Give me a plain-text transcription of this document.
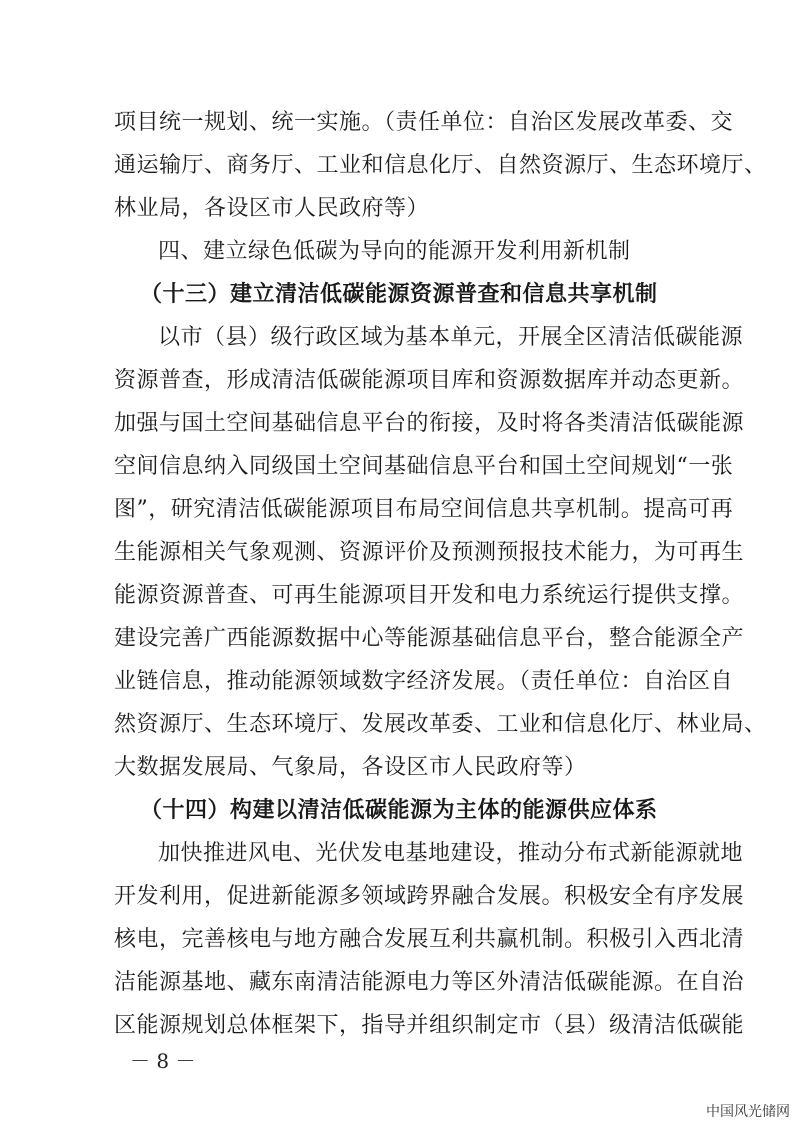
项目统一规划、统一实施。（责任单位：自治区发展改革委、交
通运输厅、商务厅、工业和信息化厅、自然资源厅、生态环境厅、
林业局，各设区市人民政府等）
四、建立绿色低碳为导向的能源开发利用新机制
（十三）建立清洁低碳能源资源普查和信息共享机制
以市（县）级行政区域为基本单元，开展全区清洁低碳能源
资源普查，形成清洁低碳能源项目库和资源数据库并动态更新。
加强与国土空间基础信息平台的衔接，及时将各类清洁低碳能源
空间信息纳入同级国土空间基础信息平台和国土空间规划“一张
图”，研究清洁低碳能源项目布局空间信息共享机制。提高可再
生能源相关气象观测、资源评价及预测预报技术能力，为可再生
能源资源普查、可再生能源项目开发和电力系统运行提供支撑。
建设完善广西能源数据中心等能源基础信息平台，整合能源全产
业链信息，推动能源领域数字经济发展。（责任单位：自治区自
然资源厅、生态环境厅、发展改革委、工业和信息化厅、林业局、
大数据发展局、气象局，各设区市人民政府等）
（十四）构建以清洁低碳能源为主体的能源供应体系
加快推进风电、光伏发电基地建设，推动分布式新能源就地
开发利用，促进新能源多领域跨界融合发展。积极安全有序发展
核电，完善核电与地方融合发展互利共赢机制。积极引入西北清
洁能源基地、藏东南清洁能源电力等区外清洁低碳能源。在自治
区能源规划总体框架下，指导并组织制定市（县）级清洁低碳能
－ 8 －
中国风光储网
